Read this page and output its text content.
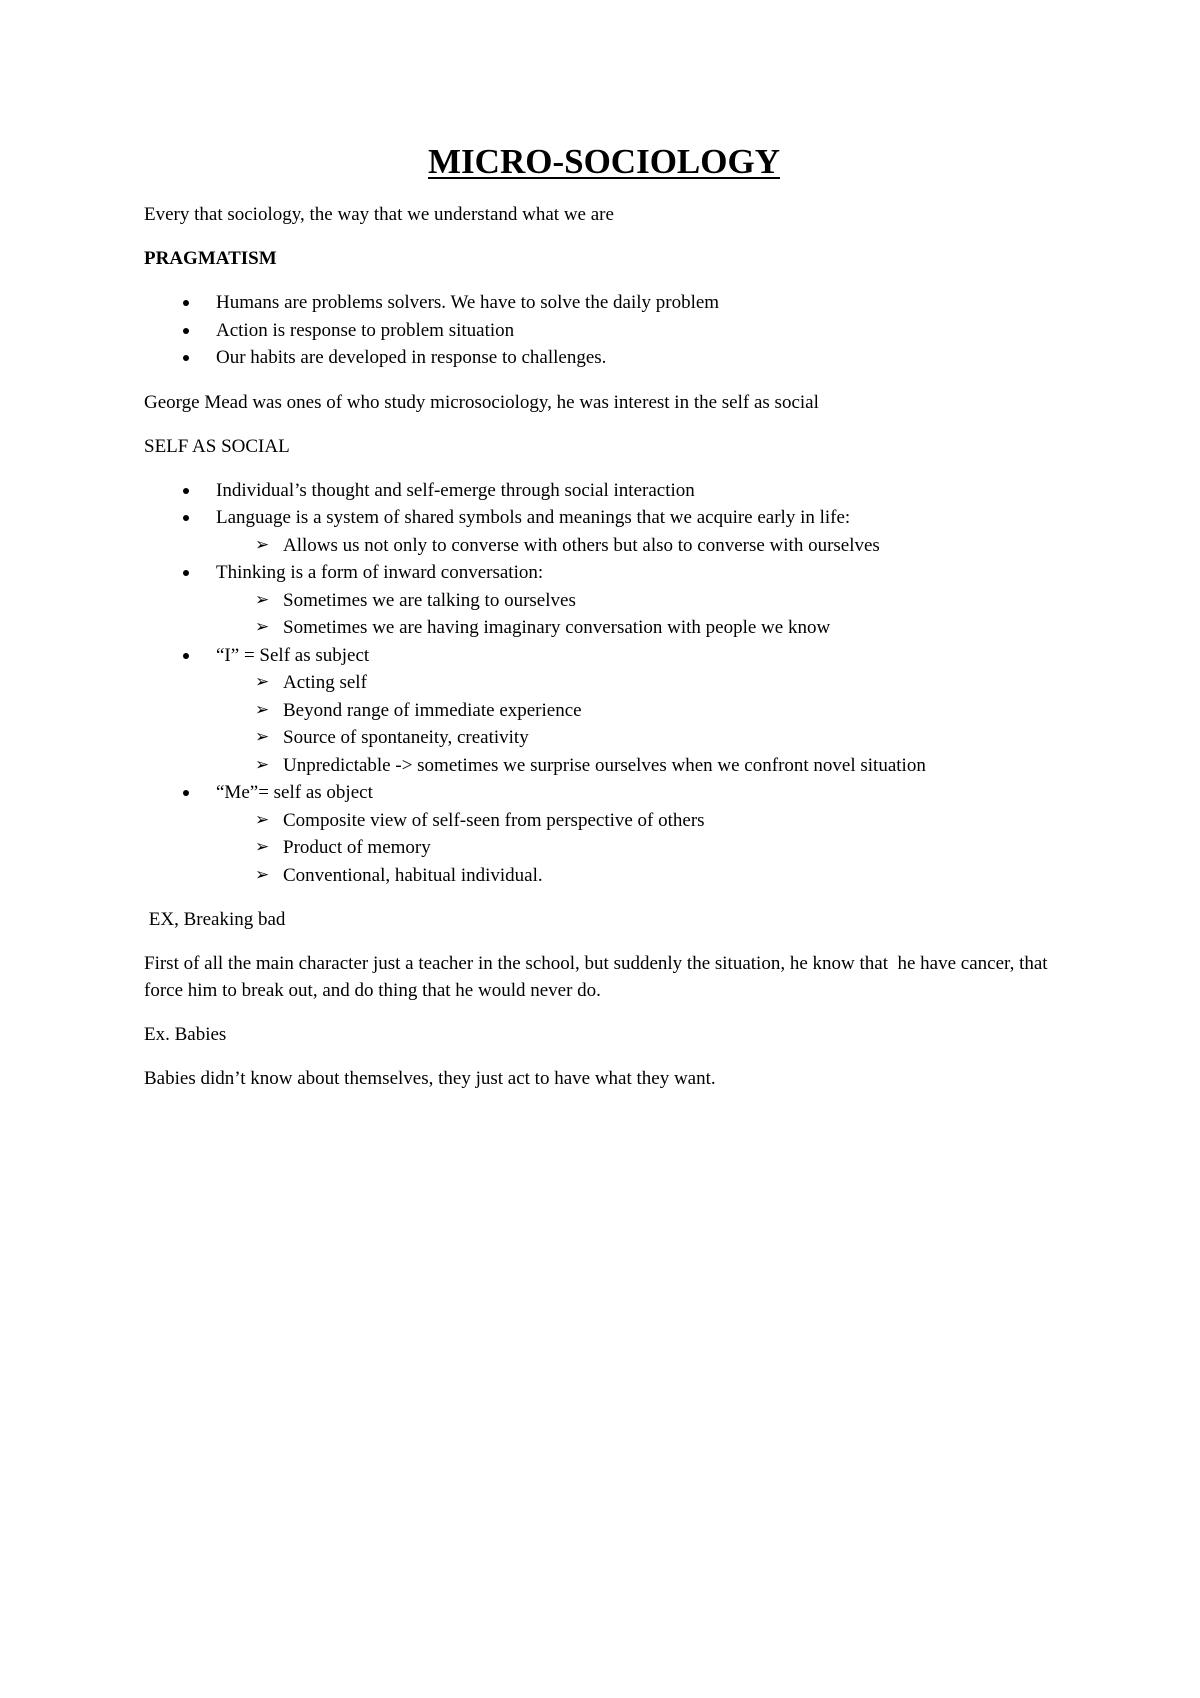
MICRO-SOCIOLOGY

Every that sociology, the way that we understand what we are

PRAGMATISM

Humans are problems solvers. We have to solve the daily problem
Action is response to problem situation
Our habits are developed in response to challenges.

George Mead was ones of who study microsociology, he was interest in the self as social

SELF AS SOCIAL

Individual’s thought and self-emerge through social interaction
Language is a system of shared symbols and meanings that we acquire early in life:
➢ Allows us not only to converse with others but also to converse with ourselves
Thinking is a form of inward conversation:
➢ Sometimes we are talking to ourselves
➢ Sometimes we are having imaginary conversation with people we know
“I” = Self as subject
➢ Acting self
➢ Beyond range of immediate experience
➢ Source of spontaneity, creativity
➢ Unpredictable -> sometimes we surprise ourselves when we confront novel situation
“Me”= self as object
➢ Composite view of self-seen from perspective of others
➢ Product of memory
➢ Conventional, habitual individual.

EX, Breaking bad

First of all the main character just a teacher in the school, but suddenly the situation, he know that  he have cancer, that  force him to break out, and do thing that he would never do.

Ex. Babies

Babies didn’t know about themselves, they just act to have what they want.
